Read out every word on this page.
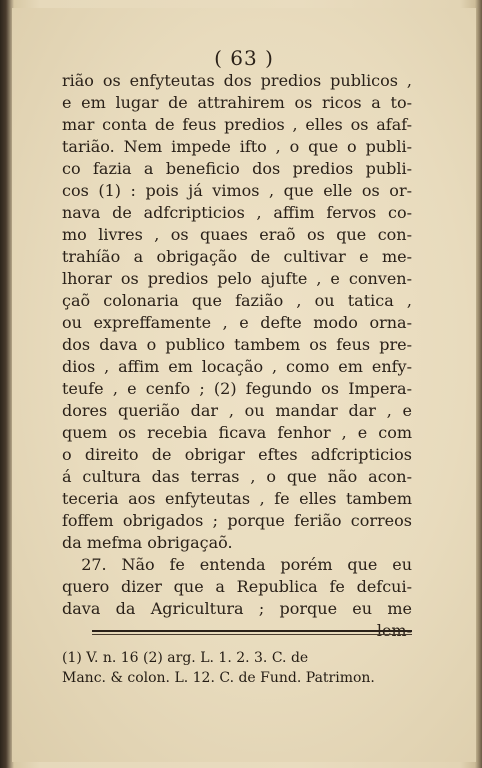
( 63 )
rião os enfyteutas dos predios publicos ,
e em lugar de attrahirem os ricos a to-
mar conta de feus predios , elles os afaf-
tarião. Nem impede ifto , o que o publi-
co fazia a beneficio dos predios publi-
cos (1) : pois já vimos , que elle os or-
nava de adfcripticios , affim fervos co-
mo livres , os quaes eraõ os que con-
trahíão a obrigação de cultivar e me-
lhorar os predios pelo ajufte , e conven-
çaõ colonaria que fazião , ou tatica ,
ou expreffamente , e defte modo orna-
dos dava o publico tambem os feus pre-
dios , affim em locação , como em enfy-
teufe , e cenfo ; (2) fegundo os Impera-
dores querião dar , ou mandar dar , e
quem os recebia ficava fenhor , e com
o direito de obrigar eftes adfcripticios
á cultura das terras , o que não acon-
teceria aos enfyteutas , fe elles tambem
foffem obrigados ; porque ferião correos
da mefma obrigaçaõ.
27. Não fe entenda porém que eu
quero dizer que a Republica fe defcui-
dava da Agricultura ; porque eu me
lem-
(1) V. n. 16 (2) arg. L. 1. 2. 3. C. de
Manc. & colon. L. 12. C. de Fund. Patrimon.
